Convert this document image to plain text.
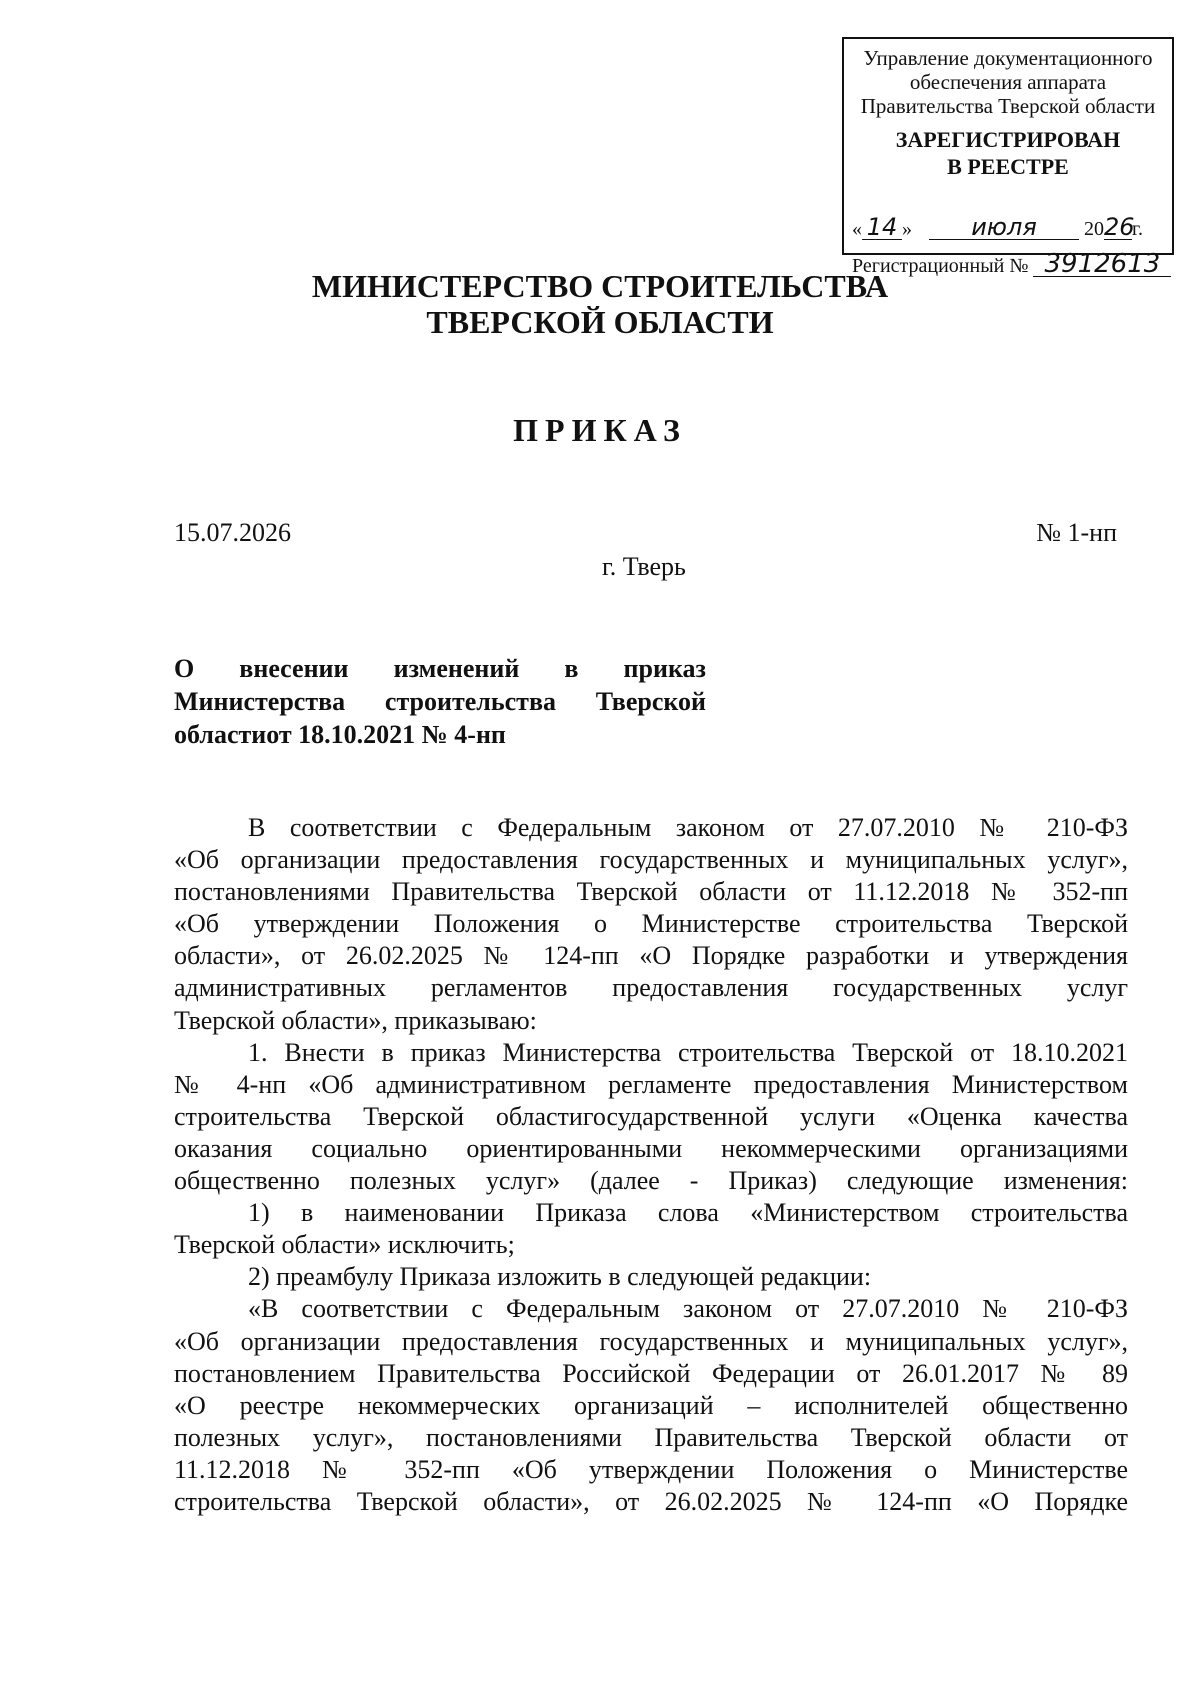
Управление документационного
обеспечения аппарата
Правительства Тверской области
ЗАРЕГИСТРИРОВАН
В РЕЕСТРЕ
« 14 » июля 2026г.
Регистрационный № 3912613
МИНИСТЕРСТВО СТРОИТЕЛЬСТВА
ТВЕРСКОЙ ОБЛАСТИ
ПРИКАЗ
15.07.2026	№ 1-нп
г. Тверь
О внесении изменений в приказ
Министерства строительства Тверской
областиот 18.10.2021 № 4-нп
В соответствии с Федеральным законом от 27.07.2010 № 210-ФЗ
«Об организации предоставления государственных и муниципальных услуг»,
постановлениями Правительства Тверской области от 11.12.2018 № 352-пп
«Об утверждении Положения о Министерстве строительства Тверской
области», от 26.02.2025 № 124-пп «О Порядке разработки и утверждения
административных регламентов предоставления государственных услуг
Тверской области», приказываю:
1. Внести в приказ Министерства строительства Тверской от 18.10.2021
№ 4-нп «Об административном регламенте предоставления Министерством
строительства Тверской областигосударственной услуги «Оценка качества
оказания социально ориентированными некоммерческими организациями
общественно полезных услуг» (далее - Приказ) следующие изменения:
1) в наименовании Приказа слова «Министерством строительства
Тверской области» исключить;
2) преамбулу Приказа изложить в следующей редакции:
«В соответствии с Федеральным законом от 27.07.2010 № 210-ФЗ
«Об организации предоставления государственных и муниципальных услуг»,
постановлением Правительства Российской Федерации от 26.01.2017 № 89
«О реестре некоммерческих организаций – исполнителей общественно
полезных услуг», постановлениями Правительства Тверской области от
11.12.2018 № 352-пп «Об утверждении Положения о Министерстве
строительства Тверской области», от 26.02.2025 № 124-пп «О Порядке
